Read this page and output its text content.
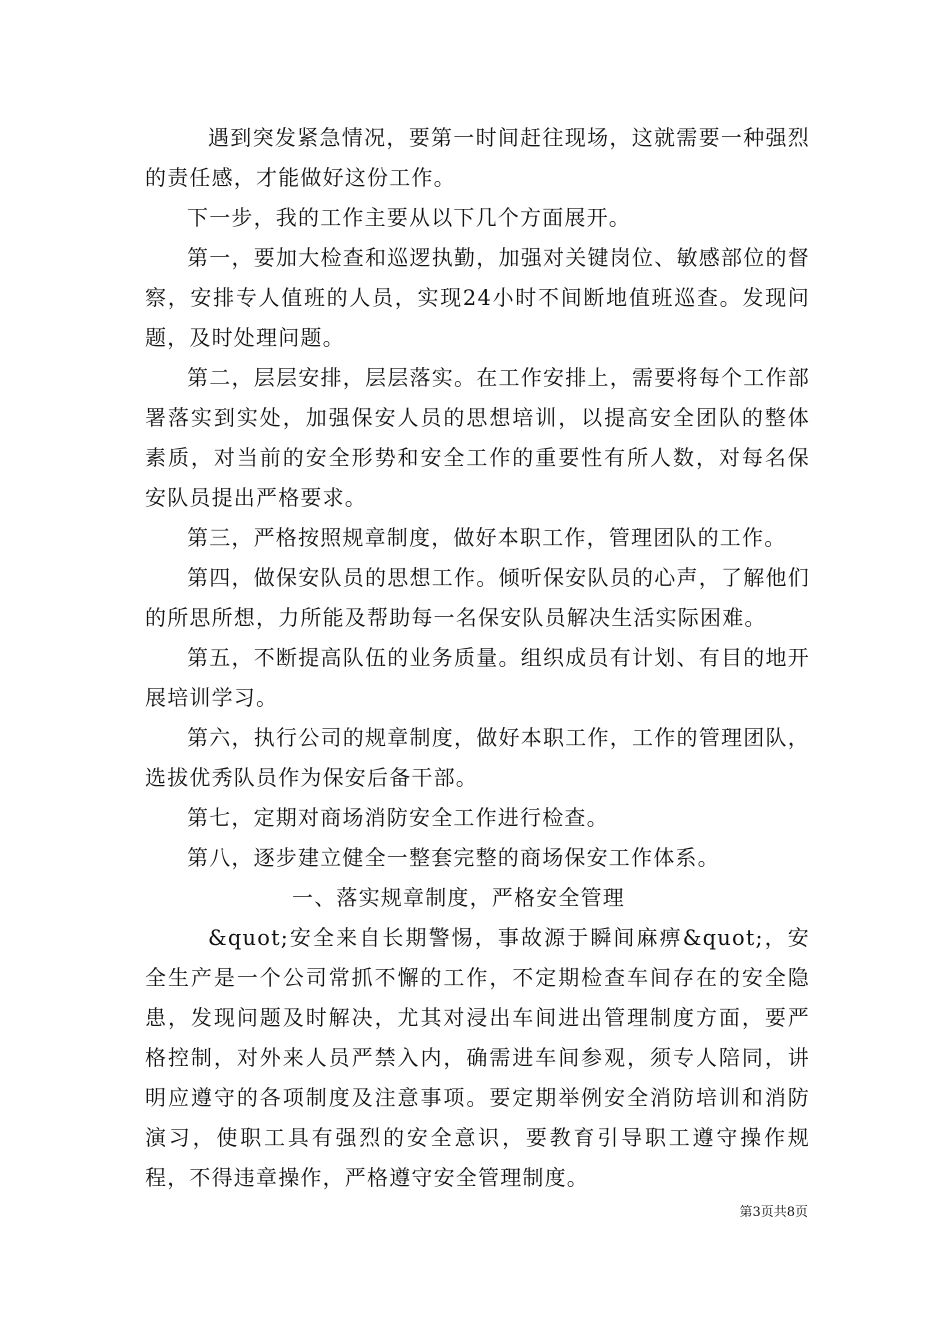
遇到突发紧急情况，要第一时间赶往现场，这就需要一种强烈的责任感，才能做好这份工作。

下一步，我的工作主要从以下几个方面展开。

第一，要加大检查和巡逻执勤，加强对关键岗位、敏感部位的督察，安排专人值班的人员，实现24小时不间断地值班巡查。发现问题，及时处理问题。

第二，层层安排，层层落实。在工作安排上，需要将每个工作部署落实到实处，加强保安人员的思想培训，以提高安全团队的整体素质，对当前的安全形势和安全工作的重要性有所人数，对每名保安队员提出严格要求。

第三，严格按照规章制度，做好本职工作，管理团队的工作。

第四，做保安队员的思想工作。倾听保安队员的心声，了解他们的所思所想，力所能及帮助每一名保安队员解决生活实际困难。

第五，不断提高队伍的业务质量。组织成员有计划、有目的地开展培训学习。

第六，执行公司的规章制度，做好本职工作，工作的管理团队，选拔优秀队员作为保安后备干部。

第七，定期对商场消防安全工作进行检查。

第八，逐步建立健全一整套完整的商场保安工作体系。

一、落实规章制度，严格安全管理

&quot;安全来自长期警惕，事故源于瞬间麻痹&quot;，安全生产是一个公司常抓不懈的工作，不定期检查车间存在的安全隐患，发现问题及时解决，尤其对浸出车间进出管理制度方面，要严格控制，对外来人员严禁入内，确需进车间参观，须专人陪同，讲明应遵守的各项制度及注意事项。要定期举例安全消防培训和消防演习，使职工具有强烈的安全意识，要教育引导职工遵守操作规程，不得违章操作，严格遵守安全管理制度。

第3页共8页
